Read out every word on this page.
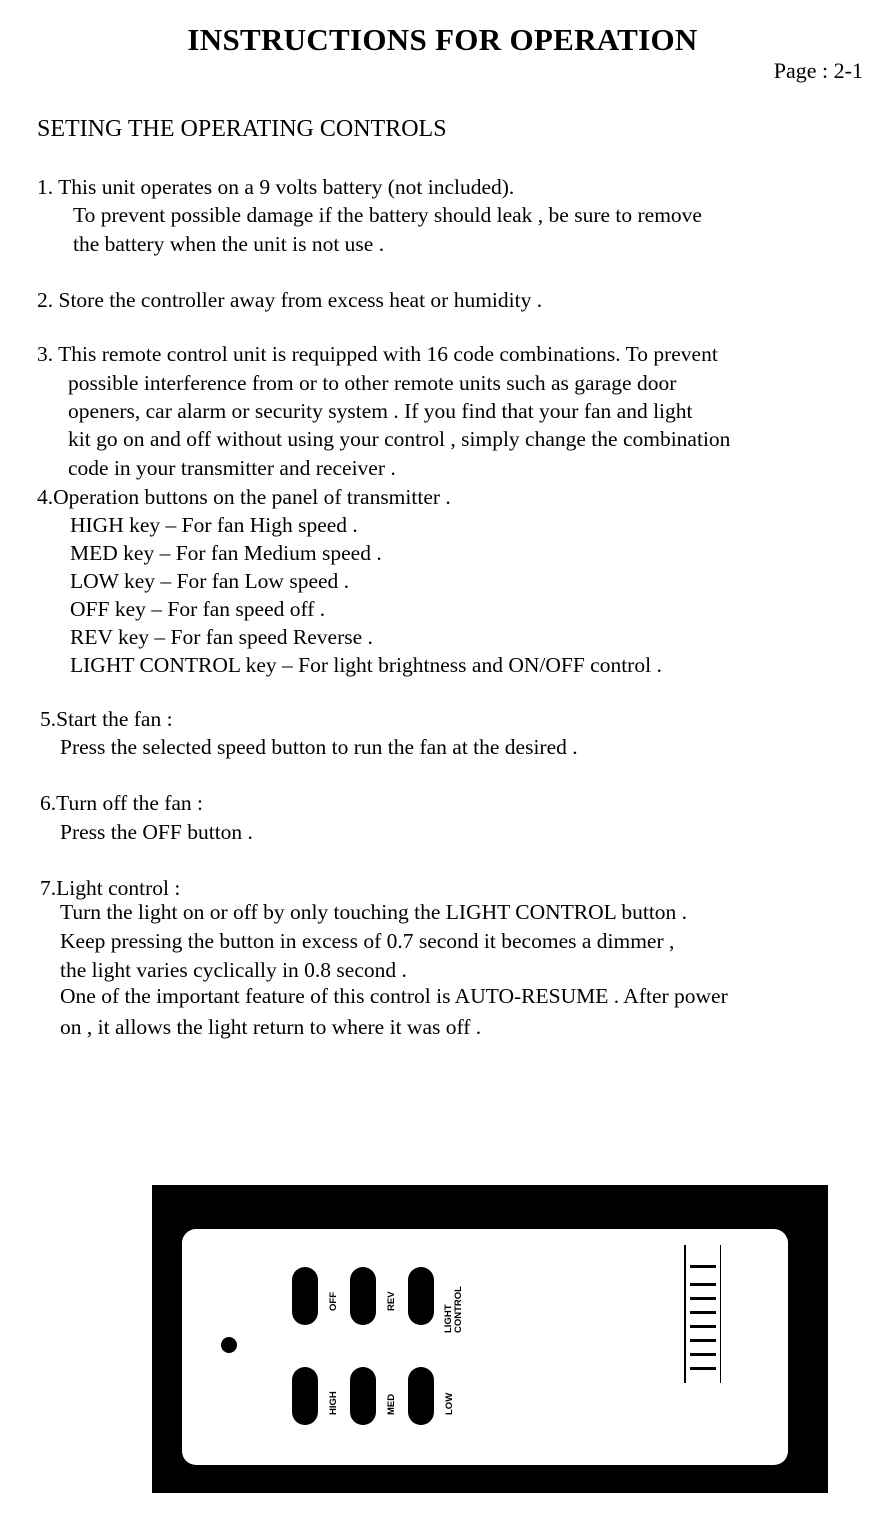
INSTRUCTIONS FOR OPERATION
Page : 2-1
SETING THE OPERATING CONTROLS
1. This unit operates on a 9 volts battery (not included).
To prevent possible damage if the battery should leak , be sure to remove
the battery when the unit is not use .
2. Store the controller away from excess heat or humidity .
3. This remote control unit is requipped with 16 code combinations. To prevent
possible interference from or to other remote units such as garage door
openers, car alarm or security system . If you find that your fan and light
kit go on and off without using your control , simply change the combination
code in your transmitter and receiver .
4.Operation buttons on the panel of transmitter .
HIGH key – For fan High speed .
MED key – For fan Medium speed .
LOW key – For fan Low speed .
OFF key – For fan speed off .
REV key – For fan speed Reverse .
LIGHT CONTROL key – For light brightness and ON/OFF control .
5.Start the fan :
Press the selected speed button to run the fan at the desired .
6.Turn off the fan :
Press the OFF button .
7.Light control :
Turn the light on or off by only touching the LIGHT CONTROL button .
Keep pressing the button in excess of 0.7 second it becomes a dimmer ,
the light varies cyclically in 0.8 second .
One of the important feature of this control is AUTO-RESUME . After power
on , it allows the light return to where it was off .
OFF	REV
LIGHT CONTROL
HIGH	MED	LOW
